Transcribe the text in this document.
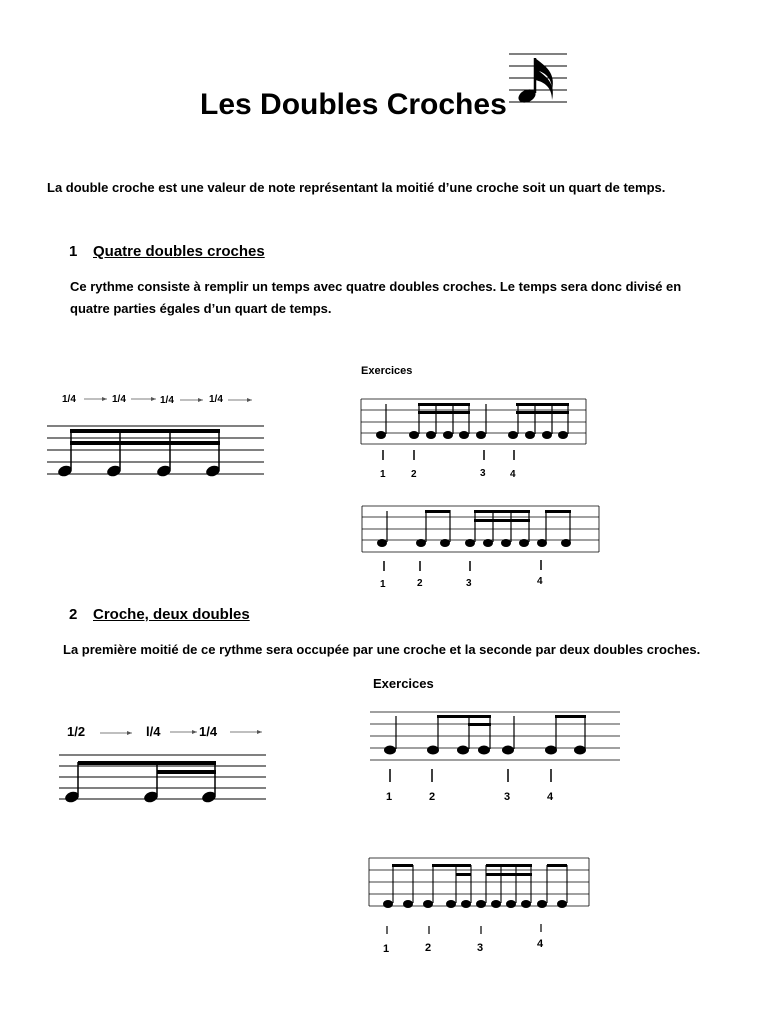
Les Doubles Croches
La double croche est une valeur de note représentant la moitié d’une croche soit un quart de temps.
1 Quatre doubles croches
Ce rythme consiste à remplir un temps avec quatre doubles croches. Le temps sera donc divisé en quatre parties égales d’un quart de temps.
Exercices
2 Croche, deux doubles
La première moitié de ce rythme sera occupée par une croche et la seconde par deux doubles croches.
Exercices
1/4	1/4	1/4	1/4
1	2	3 4
1	2	3	4
1/2	l/4	1/4
1	2	3	4
1	2	3	4
